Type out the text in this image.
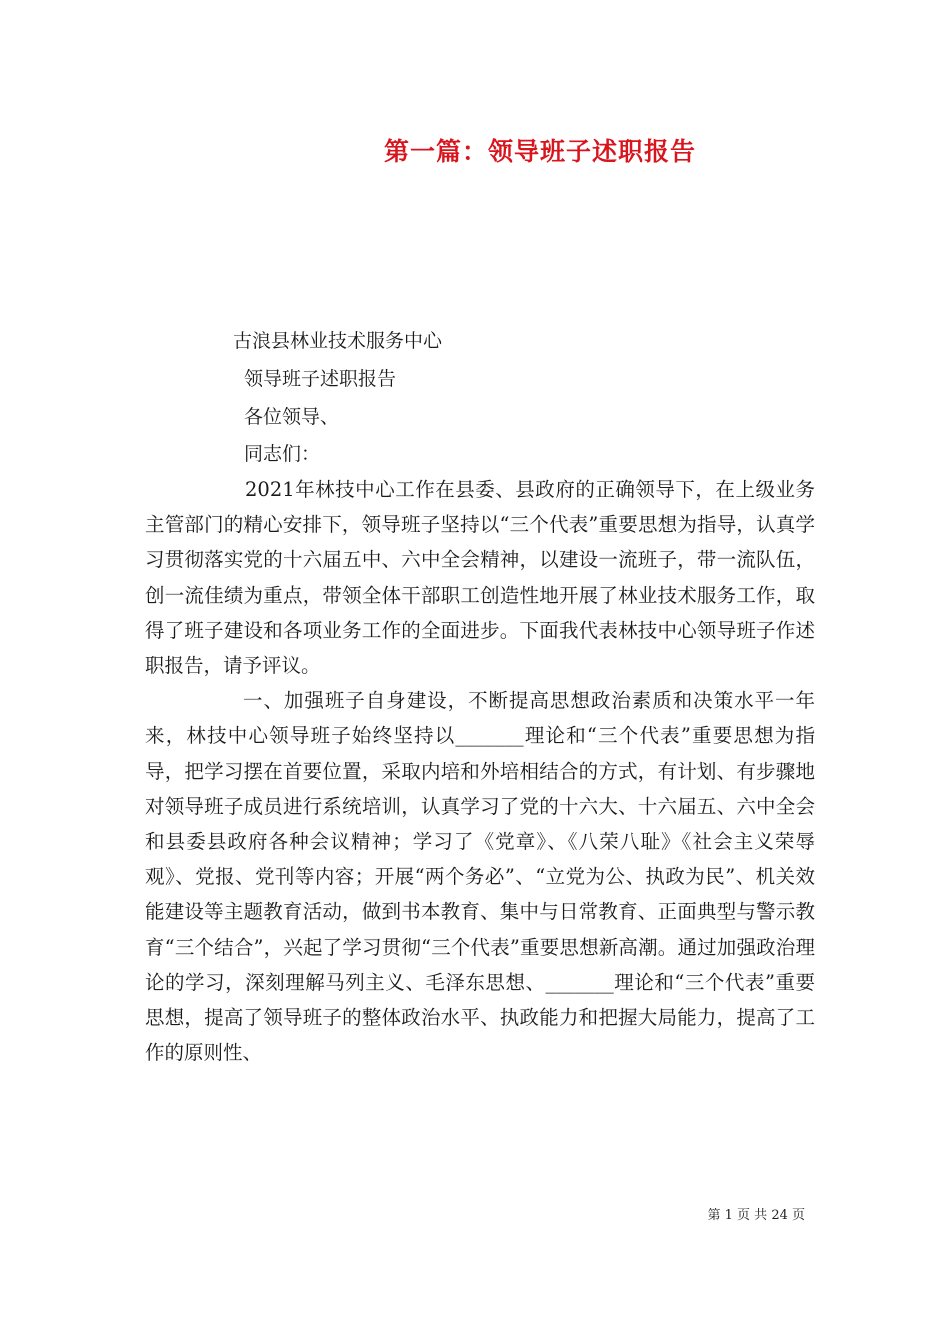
第一篇：领导班子述职报告
古浪县林业技术服务中心
领导班子述职报告
各位领导、
同志们：

2021年林技中心工作在县委、县政府的正确领导下，在上级业务主管部门的精心安排下，领导班子坚持以“三个代表”重要思想为指导，认真学习贯彻落实党的十六届五中、六中全会精神，以建设一流班子，带一流队伍，创一流佳绩为重点，带领全体干部职工创造性地开展了林业技术服务工作，取得了班子建设和各项业务工作的全面进步。下面我代表林技中心领导班子作述职报告，请予评议。

一、加强班子自身建设，不断提高思想政治素质和决策水平一年来，林技中心领导班子始终坚持以_______理论和“三个代表”重要思想为指导，把学习摆在首要位置，采取内培和外培相结合的方式，有计划、有步骤地对领导班子成员进行系统培训，认真学习了党的十六大、十六届五、六中全会和县委县政府各种会议精神；学习了《党章》、《八荣八耻》《社会主义荣辱观》、党报、党刊等内容；开展“两个务必”、“立党为公、执政为民”、机关效能建设等主题教育活动，做到书本教育、集中与日常教育、正面典型与警示教育“三个结合”，兴起了学习贯彻“三个代表”重要思想新高潮。通过加强政治理论的学习，深刻理解马列主义、毛泽东思想、_______理论和“三个代表”重要思想，提高了领导班子的整体政治水平、执政能力和把握大局能力，提高了工作的原则性、

第 1 页 共 24 页
